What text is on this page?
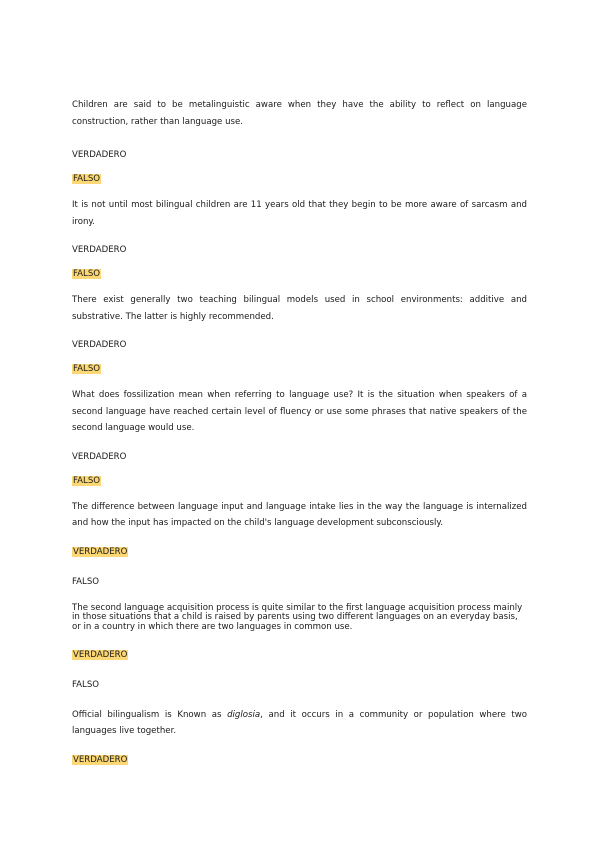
Children are said to be metalinguistic aware when they have the ability to reflect on language construction, rather than language use.

VERDADERO

FALSO

It is not until most bilingual children are 11 years old that they begin to be more aware of sarcasm and irony.

VERDADERO

FALSO

There exist generally two teaching bilingual models used in school environments: additive and substrative. The latter is highly recommended.

VERDADERO

FALSO

What does fossilization mean when referring to language use? It is the situation when speakers of a second language have reached certain level of fluency or use some phrases that native speakers of the second language would use.

VERDADERO

FALSO

The difference between language input and language intake lies in the way the language is internalized and how the input has impacted on the child's language development subconsciously.

VERDADERO

FALSO

The second language acquisition process is quite similar to the first language acquisition process mainly in those situations that a child is raised by parents using two different languages on an everyday basis, or in a country in which there are two languages in common use.

VERDADERO

FALSO

Official bilingualism is Known as diglosia, and it occurs in a community or population where two languages live together.

VERDADERO
